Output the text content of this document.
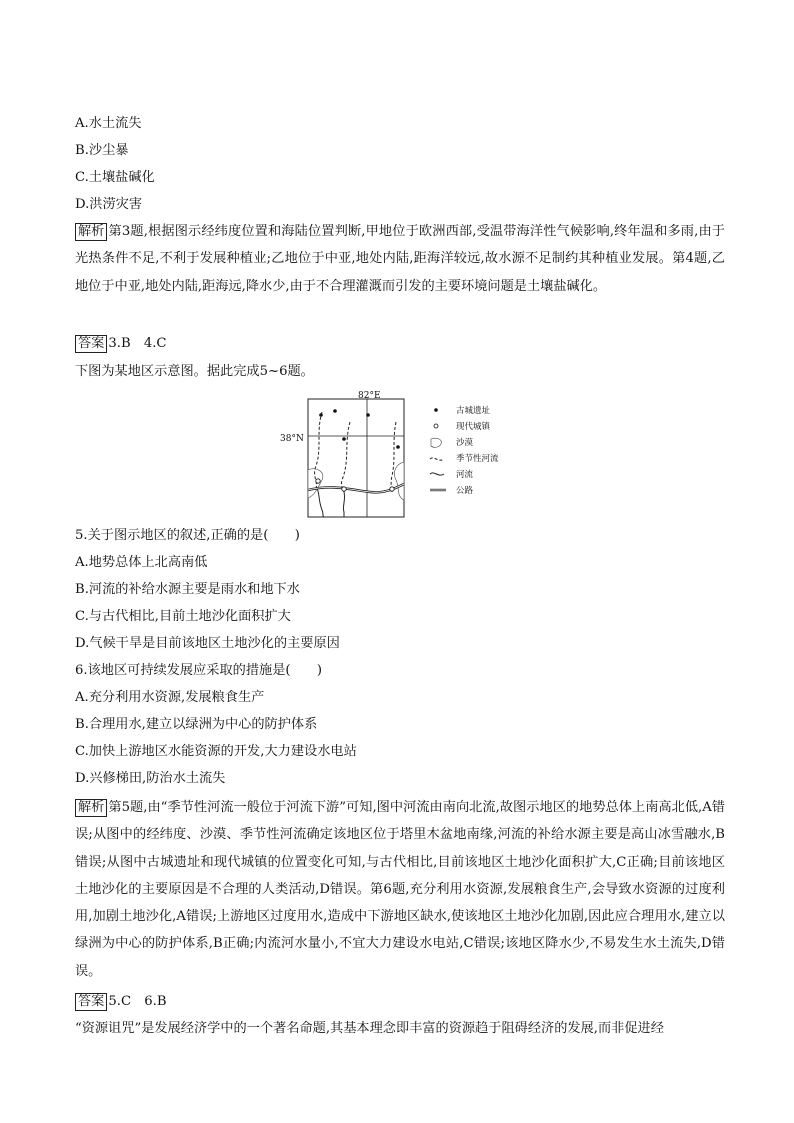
A.水土流失
B.沙尘暴
C.土壤盐碱化
D.洪涝灾害
解析 第3题,根据图示经纬度位置和海陆位置判断,甲地位于欧洲西部,受温带海洋性气候影响,终年温和多雨,由于光热条件不足,不利于发展种植业;乙地位于中亚,地处内陆,距海洋较远,故水源不足制约其种植业发展。第4题,乙地位于中亚,地处内陆,距海远,降水少,由于不合理灌溉而引发的主要环境问题是土壤盐碱化。
答案 3.B　4.C
下图为某地区示意图。据此完成5~6题。
82°E
38°N
古城遗址
现代城镇
沙漠
季节性河流
河流
公路
5.关于图示地区的叙述,正确的是(　　)
A.地势总体上北高南低
B.河流的补给水源主要是雨水和地下水
C.与古代相比,目前土地沙化面积扩大
D.气候干旱是目前该地区土地沙化的主要原因
6.该地区可持续发展应采取的措施是(　　)
A.充分利用水资源,发展粮食生产
B.合理用水,建立以绿洲为中心的防护体系
C.加快上游地区水能资源的开发,大力建设水电站
D.兴修梯田,防治水土流失
解析 第5题,由“季节性河流一般位于河流下游”可知,图中河流由南向北流,故图示地区的地势总体上南高北低,A错误;从图中的经纬度、沙漠、季节性河流确定该地区位于塔里木盆地南缘,河流的补给水源主要是高山冰雪融水,B错误;从图中古城遗址和现代城镇的位置变化可知,与古代相比,目前该地区土地沙化面积扩大,C正确;目前该地区土地沙化的主要原因是不合理的人类活动,D错误。第6题,充分利用水资源,发展粮食生产,会导致水资源的过度利用,加剧土地沙化,A错误;上游地区过度用水,造成中下游地区缺水,使该地区土地沙化加剧,因此应合理用水,建立以绿洲为中心的防护体系,B正确;内流河水量小,不宜大力建设水电站,C错误;该地区降水少,不易发生水土流失,D错误。
答案 5.C　6.B
“资源诅咒”是发展经济学中的一个著名命题,其基本理念即丰富的资源趋于阻碍经济的发展,而非促进经
